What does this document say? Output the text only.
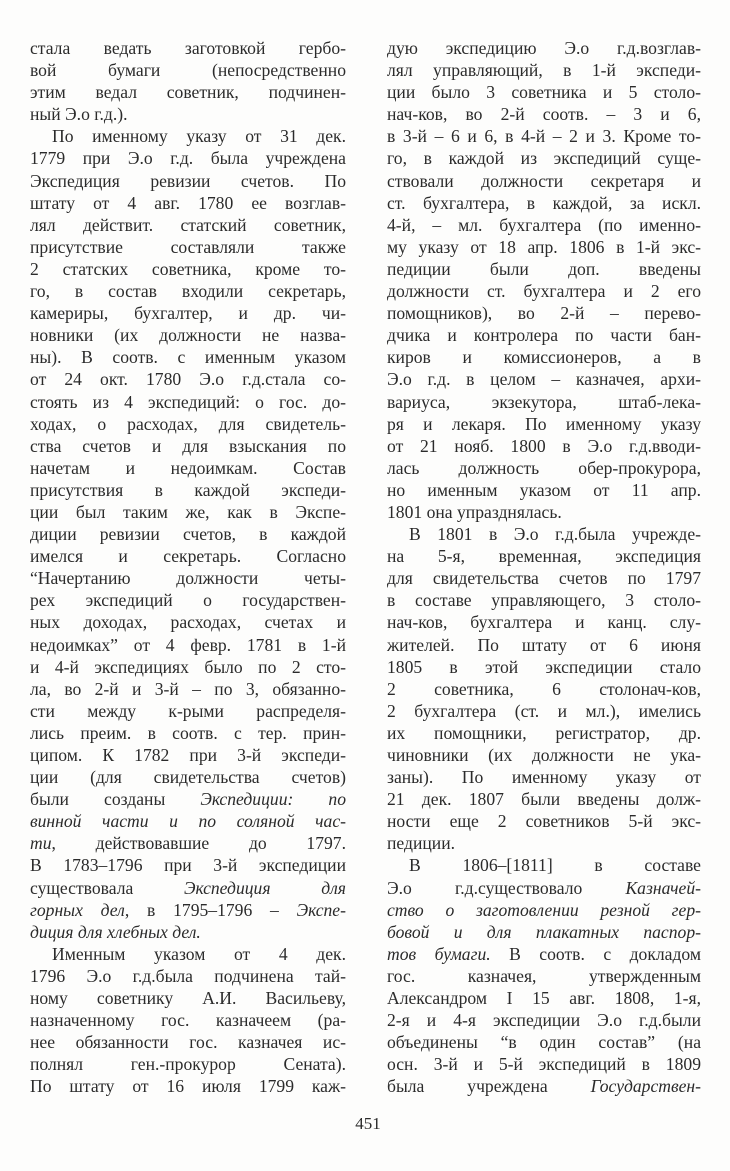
стала ведать заготовкой гербо-
вой бумаги (непосредственно
этим ведал советник, подчинен-
ный Э.о г.д.).
По именному указу от 31 дек.
1779 при Э.о г.д. была учреждена
Экспедиция ревизии счетов. По
штату от 4 авг. 1780 ее возглав-
лял действит. статский советник,
присутствие составляли также
2 статских советника, кроме то-
го, в состав входили секретарь,
камериры, бухгалтер, и др. чи-
новники (их должности не назва-
ны). В соотв. с именным указом
от 24 окт. 1780 Э.о г.д.стала со-
стоять из 4 экспедиций: о гос. до-
ходах, о расходах, для свидетель-
ства счетов и для взыскания по
начетам и недоимкам. Состав
присутствия в каждой экспеди-
ции был таким же, как в Экспе-
диции ревизии счетов, в каждой
имелся и секретарь. Согласно
“Начертанию должности четы-
рех экспедиций о государствен-
ных доходах, расходах, счетах и
недоимках” от 4 февр. 1781 в 1-й
и 4-й экспедициях было по 2 сто-
ла, во 2-й и 3-й – по 3, обязанно-
сти между к-рыми распределя-
лись преим. в соотв. с тер. прин-
ципом. К 1782 при 3-й экспеди-
ции (для свидетельства счетов)
были созданы Экспедиции: по
винной части и по соляной час-
ти, действовавшие до 1797.
В 1783–1796 при 3-й экспедиции
существовала Экспедиция для
горных дел, в 1795–1796 – Экспе-
диция для хлебных дел.
Именным указом от 4 дек.
1796 Э.о г.д.была подчинена тай-
ному советнику А.И. Васильеву,
назначенному гос. казначеем (ра-
нее обязанности гос. казначея ис-
полнял ген.-прокурор Сената).
По штату от 16 июля 1799 каж-
дую экспедицию Э.о г.д.возглав-
лял управляющий, в 1-й экспеди-
ции было 3 советника и 5 столо-
нач-ков, во 2-й соотв. – 3 и 6,
в 3-й – 6 и 6, в 4-й – 2 и 3. Кроме то-
го, в каждой из экспедиций суще-
ствовали должности секретаря и
ст. бухгалтера, в каждой, за искл.
4-й, – мл. бухгалтера (по именно-
му указу от 18 апр. 1806 в 1-й экс-
педиции были доп. введены
должности ст. бухгалтера и 2 его
помощников), во 2-й – перево-
дчика и контролера по части бан-
киров и комиссионеров, а в
Э.о г.д. в целом – казначея, архи-
вариуса, экзекутора, штаб-лека-
ря и лекаря. По именному указу
от 21 нояб. 1800 в Э.о г.д.вводи-
лась должность обер-прокурора,
но именным указом от 11 апр.
1801 она упразднялась.
В 1801 в Э.о г.д.была учрежде-
на 5-я, временная, экспедиция
для свидетельства счетов по 1797
в составе управляющего, 3 столо-
нач-ков, бухгалтера и канц. слу-
жителей. По штату от 6 июня
1805 в этой экспедиции стало
2 советника, 6 столонач-ков,
2 бухгалтера (ст. и мл.), имелись
их помощники, регистратор, др.
чиновники (их должности не ука-
заны). По именному указу от
21 дек. 1807 были введены долж-
ности еще 2 советников 5-й экс-
педиции.
В 1806–[1811] в составе
Э.о г.д.существовало Казначей-
ство о заготовлении резной гер-
бовой и для плакатных паспор-
тов бумаги. В соотв. с докладом
гос. казначея, утвержденным
Александром I 15 авг. 1808, 1-я,
2-я и 4-я экспедиции Э.о г.д.были
объединены “в один состав” (на
осн. 3-й и 5-й экспедиций в 1809
была учреждена Государствен-
451
